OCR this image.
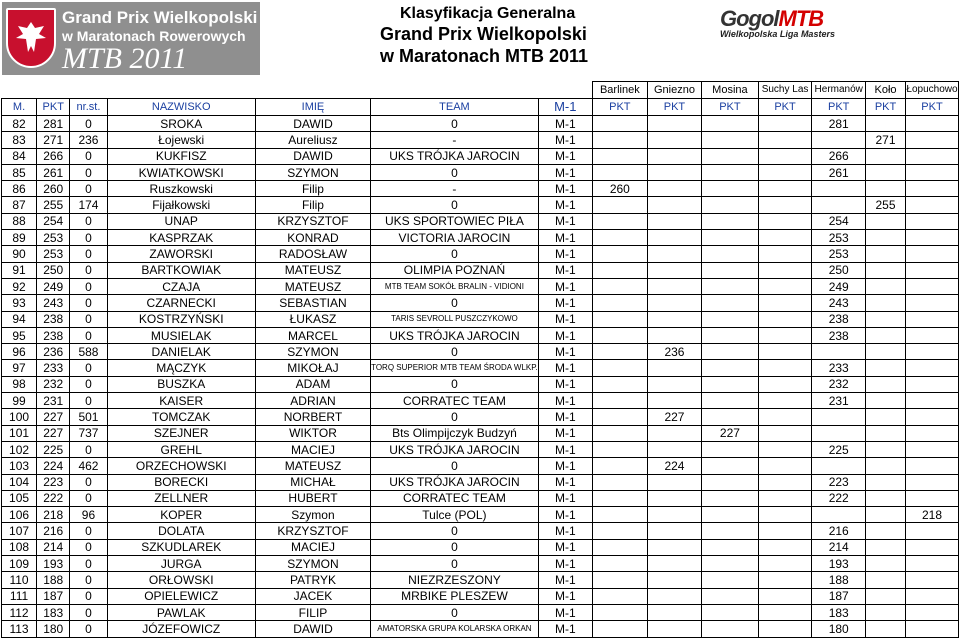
Grand Prix Wielkopolski
w Maratonach Rowerowych
MTB 2011
Klasyfikacja Generalna
Grand Prix Wielkopolski
w Maratonach MTB 2011
GogolMTB
Wielkopolska Liga Masters
							Barlinek	Gniezno	Mosina	Suchy Las	Hermanów	Koło	Łopuchowo
M.	PKT	nr.st.	NAZWISKO	IMIĘ	TEAM	M-1	PKT	PKT	PKT	PKT	PKT	PKT	PKT
82	281	0	SROKA	DAWID	0	M-1					281		
83	271	236	Łojewski	Aureliusz	-	M-1						271	
84	266	0	KUKFISZ	DAWID	UKS TRÓJKA JAROCIN	M-1					266		
85	261	0	KWIATKOWSKI	SZYMON	0	M-1					261		
86	260	0	Ruszkowski	Filip	-	M-1	260						
87	255	174	Fijałkowski	Filip	0	M-1						255	
88	254	0	UNAP	KRZYSZTOF	UKS SPORTOWIEC PIŁA	M-1					254		
89	253	0	KASPRZAK	KONRAD	VICTORIA JAROCIN	M-1					253		
90	253	0	ZAWORSKI	RADOSŁAW	0	M-1					253		
91	250	0	BARTKOWIAK	MATEUSZ	OLIMPIA POZNAŃ	M-1					250		
92	249	0	CZAJA	MATEUSZ	MTB TEAM SOKÓŁ BRALIN - VIDIONI	M-1					249		
93	243	0	CZARNECKI	SEBASTIAN	0	M-1					243		
94	238	0	KOSTRZYŃSKI	ŁUKASZ	TARIS SEVROLL PUSZCZYKOWO	M-1					238		
95	238	0	MUSIELAK	MARCEL	UKS TRÓJKA JAROCIN	M-1					238		
96	236	588	DANIELAK	SZYMON	0	M-1		236					
97	233	0	MĄCZYK	MIKOŁAJ	TORQ SUPERIOR MTB TEAM ŚRODA WLKP.	M-1					233		
98	232	0	BUSZKA	ADAM	0	M-1					232		
99	231	0	KAISER	ADRIAN	CORRATEC TEAM	M-1					231		
100	227	501	TOMCZAK	NORBERT	0	M-1		227					
101	227	737	SZEJNER	WIKTOR	Bts Olimpijczyk Budzyń	M-1			227				
102	225	0	GREHL	MACIEJ	UKS TRÓJKA JAROCIN	M-1					225		
103	224	462	ORZECHOWSKI	MATEUSZ	0	M-1		224					
104	223	0	BORECKI	MICHAŁ	UKS TRÓJKA JAROCIN	M-1					223		
105	222	0	ZELLNER	HUBERT	CORRATEC TEAM	M-1					222		
106	218	96	KOPER	Szymon	Tulce (POL)	M-1							218
107	216	0	DOLATA	KRZYSZTOF	0	M-1					216		
108	214	0	SZKUDLAREK	MACIEJ	0	M-1					214		
109	193	0	JURGA	SZYMON	0	M-1					193		
110	188	0	ORŁOWSKI	PATRYK	NIEZRZESZONY	M-1					188		
111	187	0	OPIELEWICZ	JACEK	MRBIKE PLESZEW	M-1					187		
112	183	0	PAWLAK	FILIP	0	M-1					183		
113	180	0	JÓZEFOWICZ	DAWID	AMATORSKA GRUPA KOLARSKA ORKAN	M-1					180		
